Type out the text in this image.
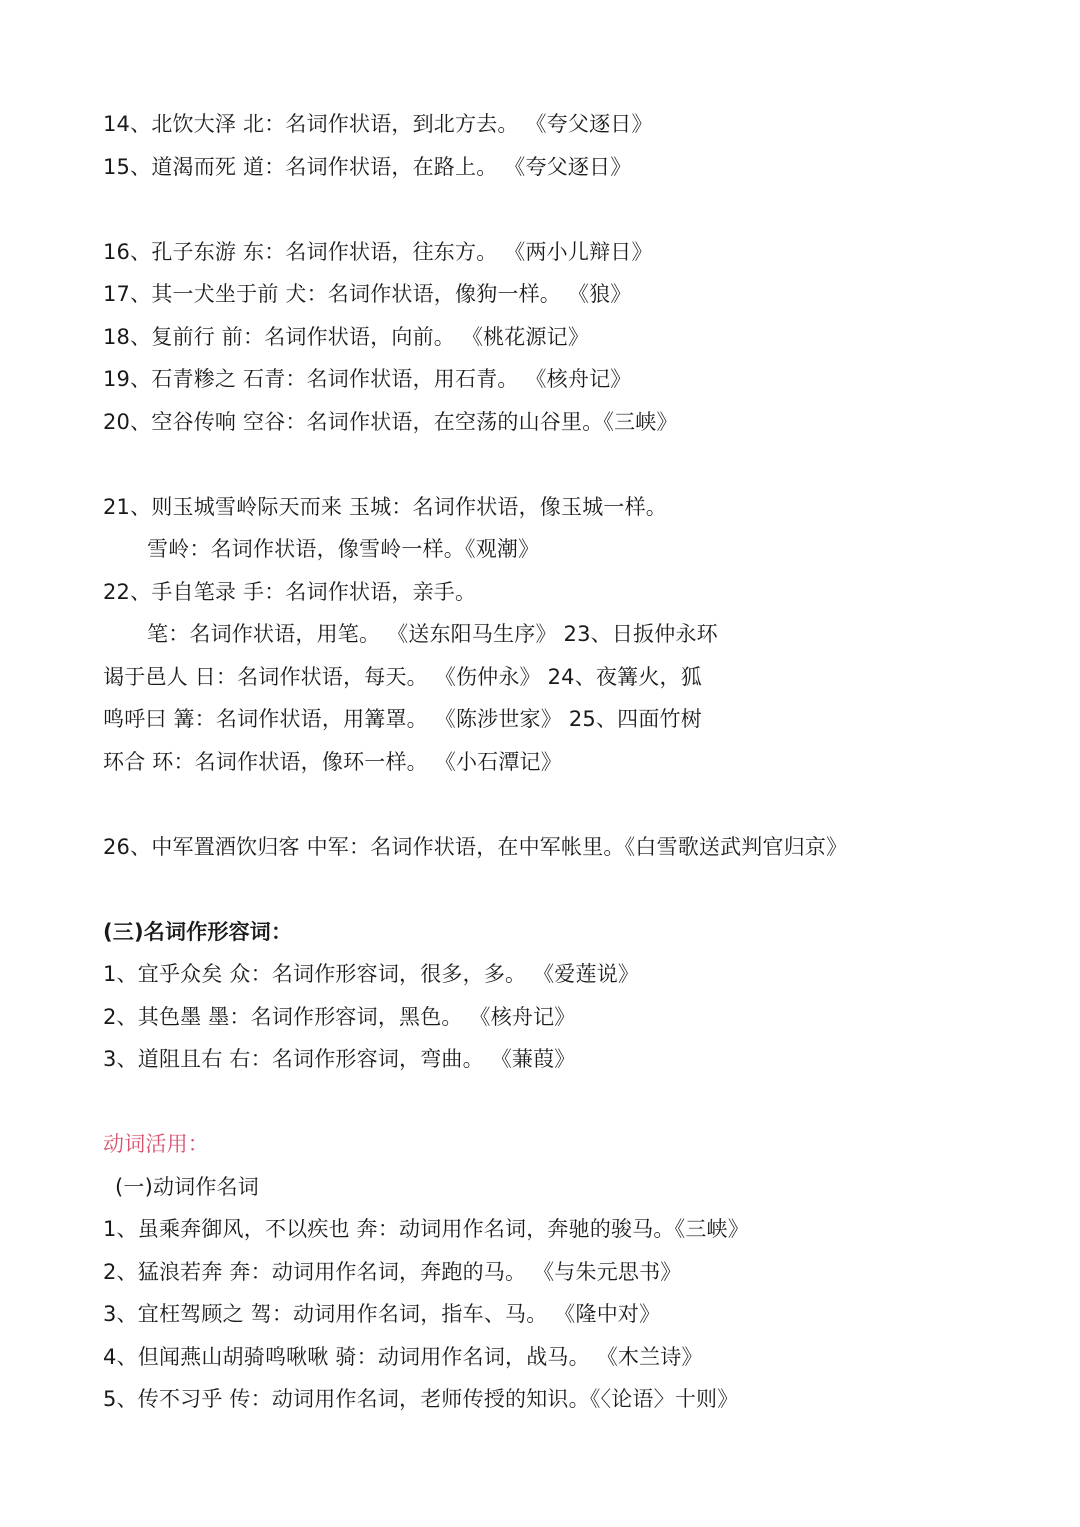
14、北饮大泽 北：名词作状语，到北方去。 《夸父逐日》
15、道渴而死 道：名词作状语，在路上。 《夸父逐日》
16、孔子东游 东：名词作状语，往东方。 《两小儿辩日》
17、其一犬坐于前 犬：名词作状语，像狗一样。 《狼》
18、复前行 前：名词作状语，向前。 《桃花源记》
19、石青糁之 石青：名词作状语，用石青。 《核舟记》
20、空谷传响 空谷：名词作状语，在空荡的山谷里。《三峡》
21、则玉城雪岭际天而来 玉城：名词作状语，像玉城一样。
雪岭：名词作状语，像雪岭一样。《观潮》
22、手自笔录 手：名词作状语，亲手。
笔：名词作状语，用笔。 《送东阳马生序》 23、日扳仲永环
谒于邑人 日：名词作状语，每天。 《伤仲永》 24、夜篝火，狐
鸣呼曰 篝：名词作状语，用篝罩。 《陈涉世家》 25、四面竹树
环合 环：名词作状语，像环一样。 《小石潭记》
26、中军置酒饮归客 中军：名词作状语，在中军帐里。《白雪歌送武判官归京》
(三)名词作形容词：
1、宜乎众矣 众：名词作形容词，很多，多。 《爱莲说》
2、其色墨 墨：名词作形容词，黑色。 《核舟记》
3、道阻且右 右：名词作形容词，弯曲。 《蒹葭》
动词活用：
(一)动词作名词
1、虽乘奔御风，不以疾也 奔：动词用作名词，奔驰的骏马。《三峡》
2、猛浪若奔 奔：动词用作名词，奔跑的马。 《与朱元思书》
3、宜枉驾顾之 驾：动词用作名词，指车、马。 《隆中对》
4、但闻燕山胡骑鸣啾啾 骑：动词用作名词，战马。 《木兰诗》
5、传不习乎 传：动词用作名词，老师传授的知识。《〈论语〉十则》
